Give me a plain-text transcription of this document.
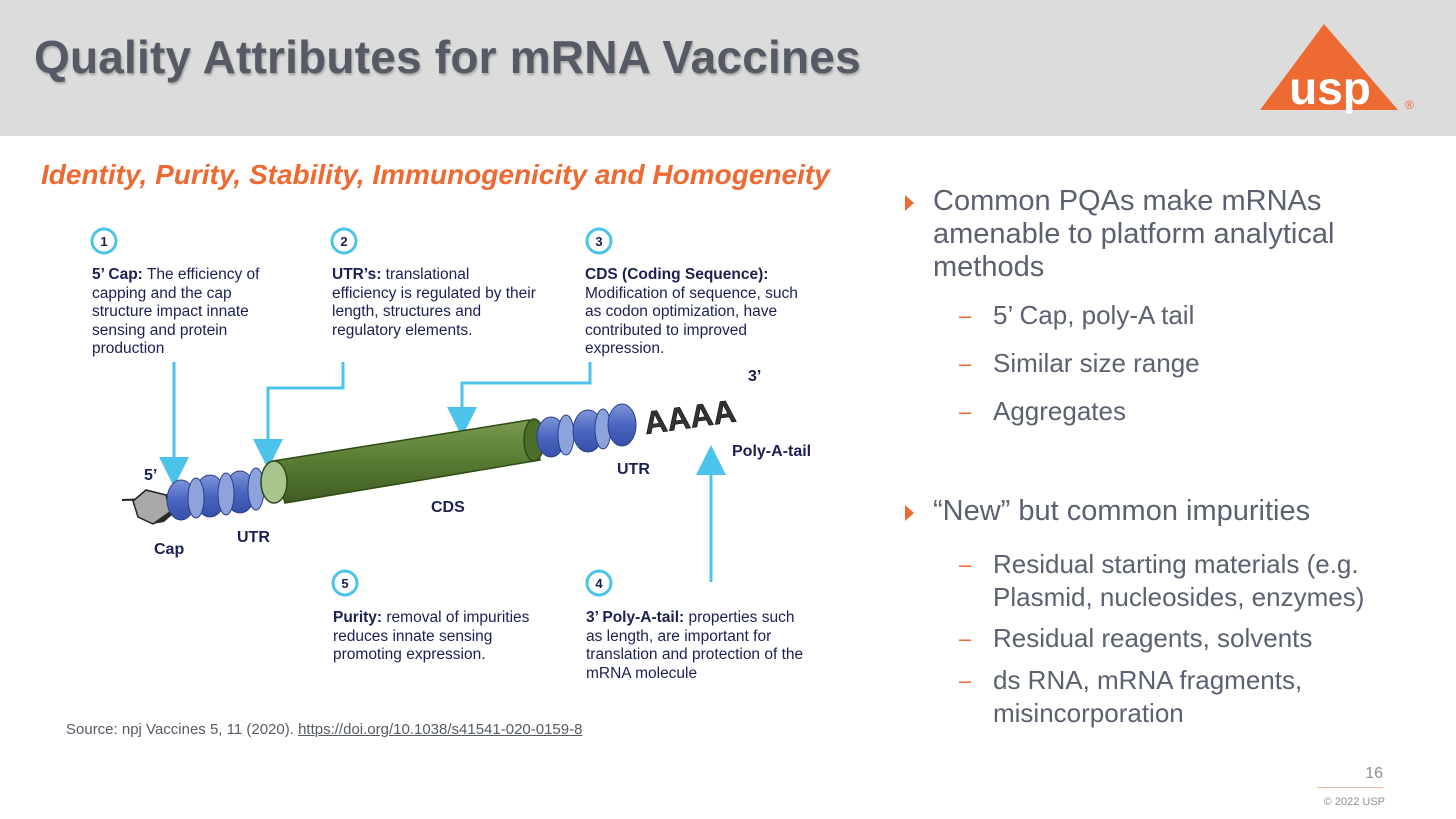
Quality Attributes for mRNA Vaccines
usp	®
Identity, Purity, Stability, Immunogenicity and Homogeneity
1	2	3
5	4
AAAA
5’ Cap: The efficiency of capping and the cap structure impact innate sensing and protein production
UTR’s: translational efficiency is regulated by their length, structures and regulatory elements.
CDS (Coding Sequence): Modification of sequence, such as codon optimization, have contributed to improved expression.
Purity: removal of impurities reduces innate sensing promoting expression.
3’ Poly-A-tail: properties such as length, are important for translation and protection of the mRNA molecule
5’
Cap
UTR
CDS
UTR
3’
Poly-A-tail
Source: npj Vaccines 5, 11 (2020). https://doi.org/10.1038/s41541-020-0159-8
Common PQAs make mRNAs amenable to platform analytical methods
– 5’ Cap, poly-A tail
– Similar size range
– Aggregates
“New” but common impurities
– Residual starting materials (e.g. Plasmid, nucleosides, enzymes)
– Residual reagents, solvents
– ds RNA, mRNA fragments, misincorporation
16
© 2022 USP
